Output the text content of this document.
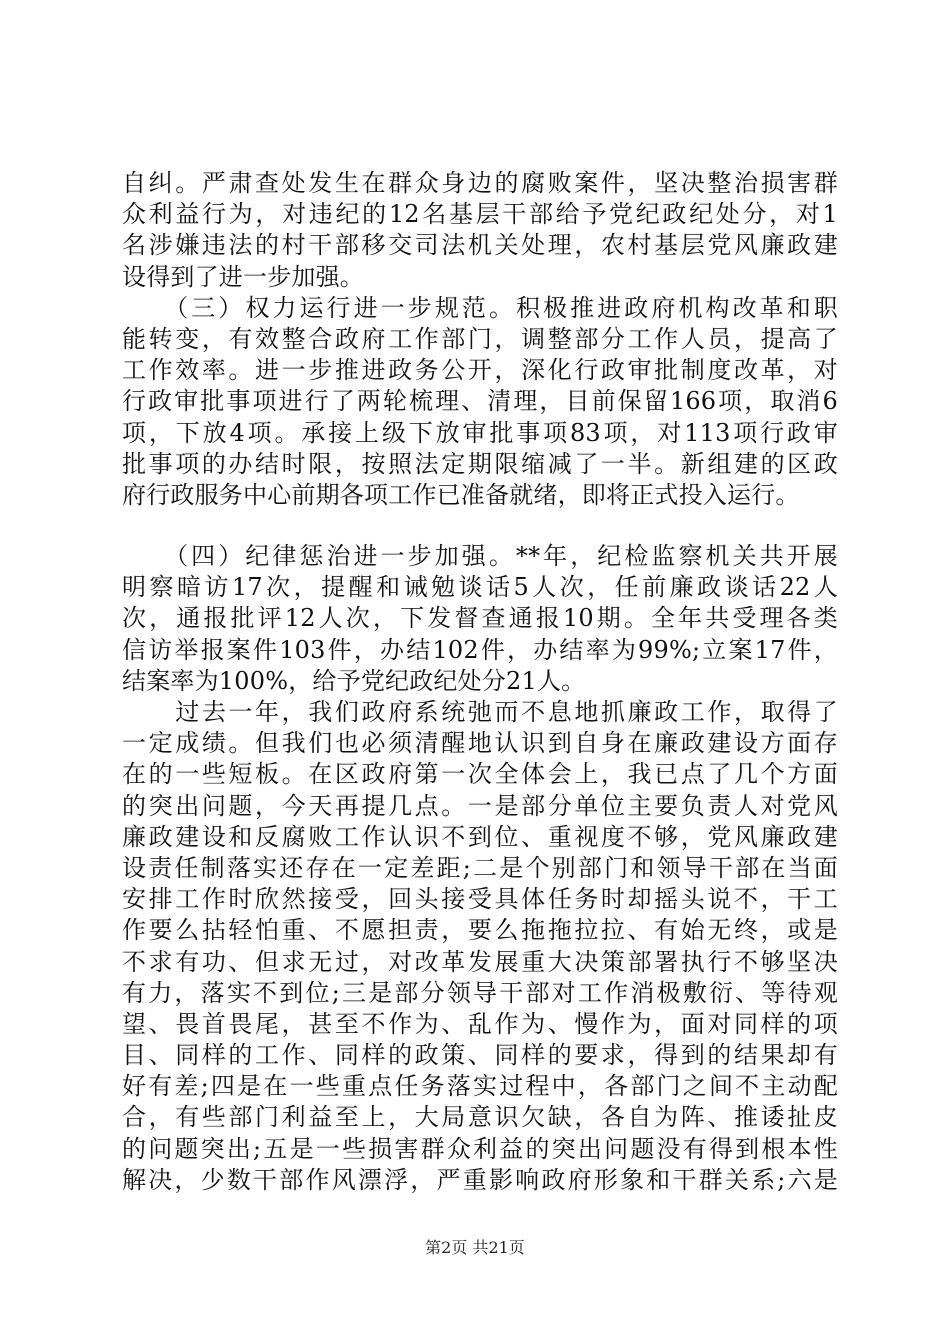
自纠。严肃查处发生在群众身边的腐败案件，坚决整治损害群
众利益行为，对违纪的12名基层干部给予党纪政纪处分，对1
名涉嫌违法的村干部移交司法机关处理，农村基层党风廉政建
设得到了进一步加强。
　　（三）权力运行进一步规范。积极推进政府机构改革和职
能转变，有效整合政府工作部门，调整部分工作人员，提高了
工作效率。进一步推进政务公开，深化行政审批制度改革，对
行政审批事项进行了两轮梳理、清理，目前保留166项，取消6
项，下放4项。承接上级下放审批事项83项，对113项行政审
批事项的办结时限，按照法定期限缩减了一半。新组建的区政
府行政服务中心前期各项工作已准备就绪，即将正式投入运行。
　　（四）纪律惩治进一步加强。**年，纪检监察机关共开展
明察暗访17次，提醒和诫勉谈话5人次，任前廉政谈话22人
次，通报批评12人次，下发督查通报10期。全年共受理各类
信访举报案件103件，办结102件，办结率为99%;立案17件，
结案率为100%，给予党纪政纪处分21人。
　　过去一年，我们政府系统弛而不息地抓廉政工作，取得了
一定成绩。但我们也必须清醒地认识到自身在廉政建设方面存
在的一些短板。在区政府第一次全体会上，我已点了几个方面
的突出问题，今天再提几点。一是部分单位主要负责人对党风
廉政建设和反腐败工作认识不到位、重视度不够，党风廉政建
设责任制落实还存在一定差距;二是个别部门和领导干部在当面
安排工作时欣然接受，回头接受具体任务时却摇头说不，干工
作要么拈轻怕重、不愿担责，要么拖拖拉拉、有始无终，或是
不求有功、但求无过，对改革发展重大决策部署执行不够坚决
有力，落实不到位;三是部分领导干部对工作消极敷衍、等待观
望、畏首畏尾，甚至不作为、乱作为、慢作为，面对同样的项
目、同样的工作、同样的政策、同样的要求，得到的结果却有
好有差;四是在一些重点任务落实过程中，各部门之间不主动配
合，有些部门利益至上，大局意识欠缺，各自为阵、推诿扯皮
的问题突出;五是一些损害群众利益的突出问题没有得到根本性
解决，少数干部作风漂浮，严重影响政府形象和干群关系;六是
第2页 共21页
